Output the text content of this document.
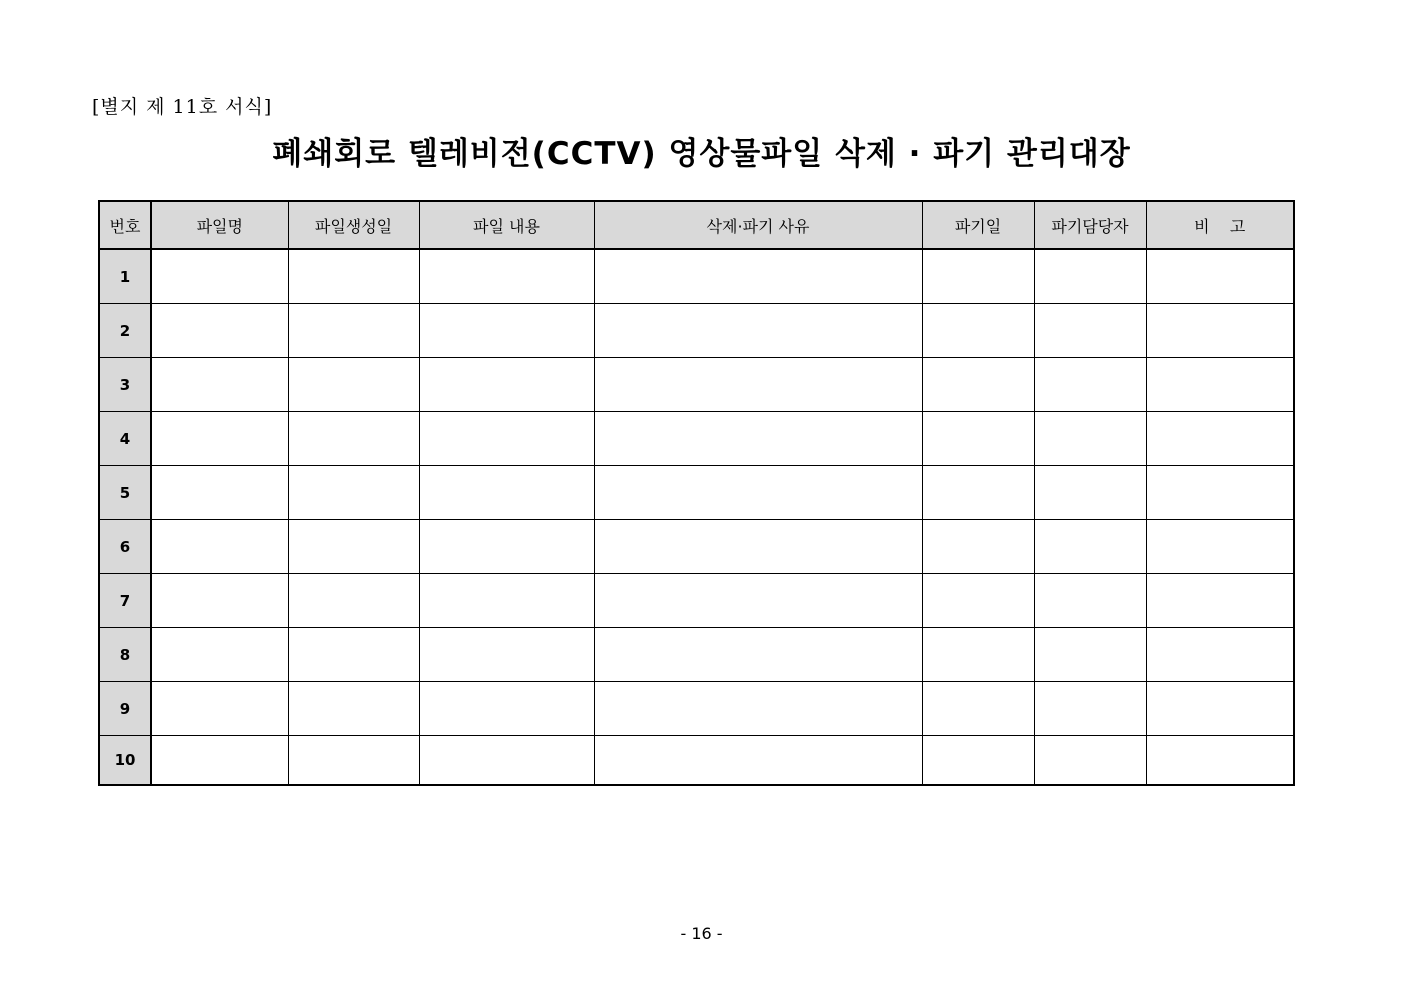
[별지 제 11호 서식]
폐쇄회로 텔레비전(CCTV) 영상물파일 삭제 · 파기 관리대장
번호	파일명	파일생성일	파일 내용	삭제·파기 사유	파기일	파기담당자	비    고
1							
2							
3							
4							
5							
6							
7							
8							
9							
10							
- 16 -
